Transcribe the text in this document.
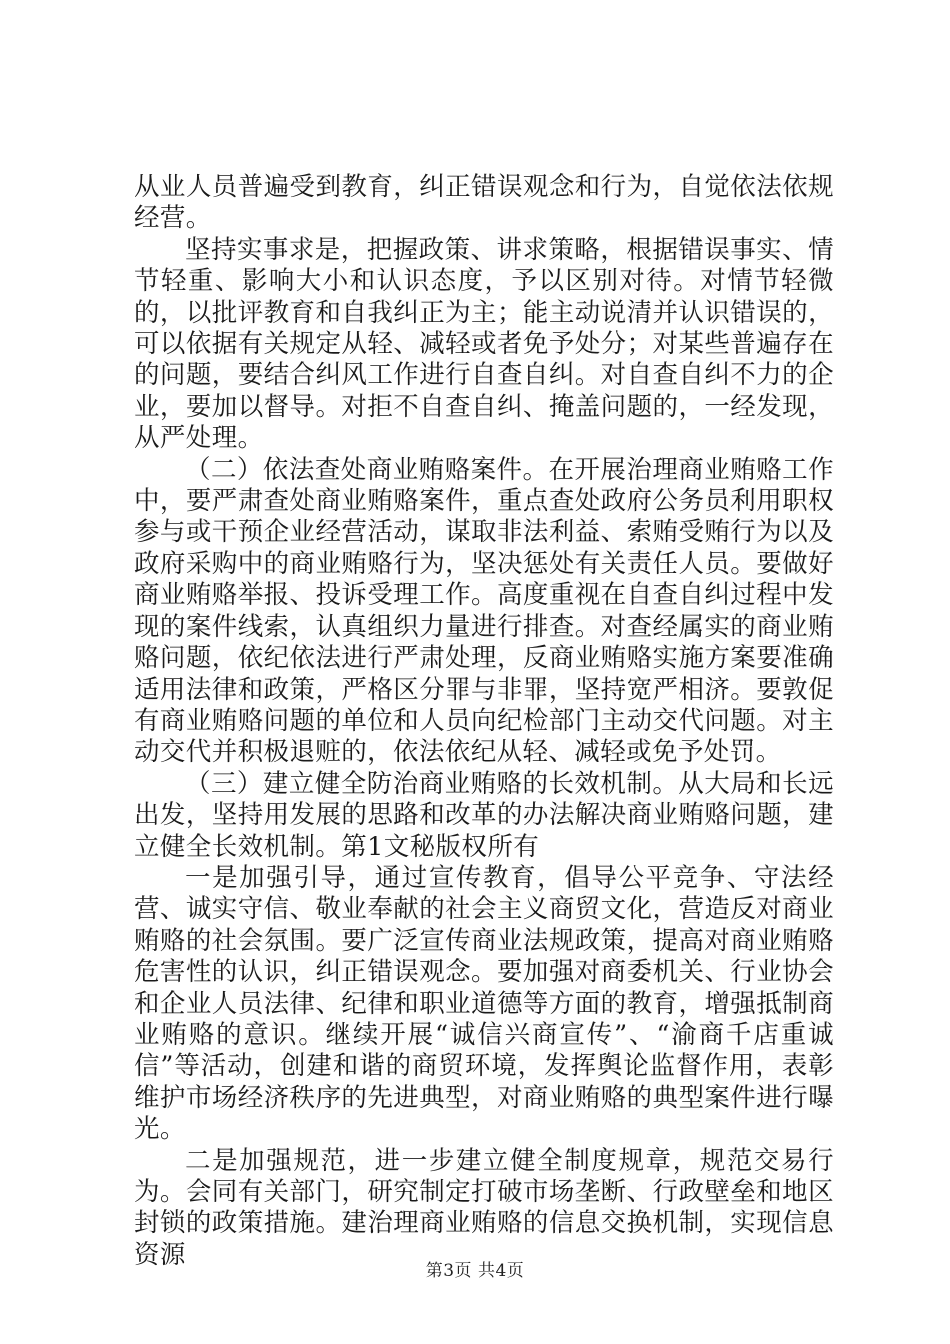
从业人员普遍受到教育，纠正错误观念和行为，自觉依法依规经营。

坚持实事求是，把握政策、讲求策略，根据错误事实、情节轻重、影响大小和认识态度，予以区别对待。对情节轻微的，以批评教育和自我纠正为主；能主动说清并认识错误的，可以依据有关规定从轻、减轻或者免予处分；对某些普遍存在的问题，要结合纠风工作进行自查自纠。对自查自纠不力的企业，要加以督导。对拒不自查自纠、掩盖问题的，一经发现，从严处理。

（二）依法查处商业贿赂案件。在开展治理商业贿赂工作中，要严肃查处商业贿赂案件，重点查处政府公务员利用职权参与或干预企业经营活动，谋取非法利益、索贿受贿行为以及政府采购中的商业贿赂行为，坚决惩处有关责任人员。要做好商业贿赂举报、投诉受理工作。高度重视在自查自纠过程中发现的案件线索，认真组织力量进行排查。对查经属实的商业贿赂问题，依纪依法进行严肃处理，反商业贿赂实施方案要准确适用法律和政策，严格区分罪与非罪，坚持宽严相济。要敦促有商业贿赂问题的单位和人员向纪检部门主动交代问题。对主动交代并积极退赃的，依法依纪从轻、减轻或免予处罚。

（三）建立健全防治商业贿赂的长效机制。从大局和长远出发，坚持用发展的思路和改革的办法解决商业贿赂问题，建立健全长效机制。第1文秘版权所有

一是加强引导，通过宣传教育，倡导公平竞争、守法经营、诚实守信、敬业奉献的社会主义商贸文化，营造反对商业贿赂的社会氛围。要广泛宣传商业法规政策，提高对商业贿赂危害性的认识，纠正错误观念。要加强对商委机关、行业协会和企业人员法律、纪律和职业道德等方面的教育，增强抵制商业贿赂的意识。继续开展“诚信兴商宣传”、“渝商千店重诚信”等活动，创建和谐的商贸环境，发挥舆论监督作用，表彰维护市场经济秩序的先进典型，对商业贿赂的典型案件进行曝光。

二是加强规范，进一步建立健全制度规章，规范交易行为。会同有关部门，研究制定打破市场垄断、行政壁垒和地区封锁的政策措施。建治理商业贿赂的信息交换机制，实现信息资源

第3页 共4页
